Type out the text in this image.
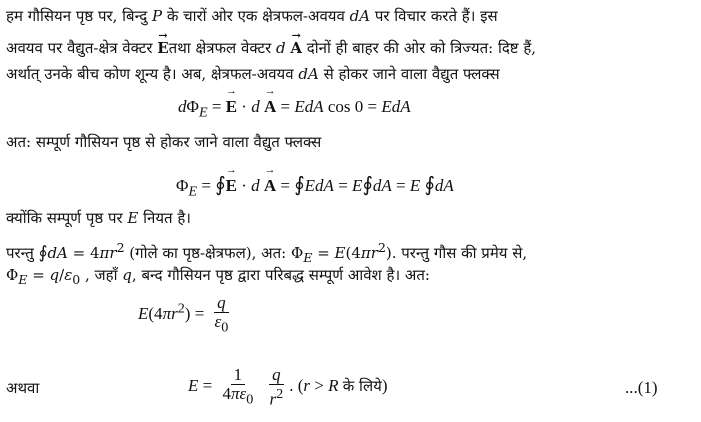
हम गौसियन पृष्ठ पर, बिन्दु P के चारों ओर एक क्षेत्रफल-अवयव dA पर विचार करते हैं। इस
अवयव पर वैद्युत-क्षेत्र वेक्टर → Eतथा क्षेत्रफल वेक्टर d → A दोनों ही बाहर की ओर को त्रिज्यत: दिष्ट हैं,
अर्थात् उनके बीच कोण शून्य है। अब, क्षेत्रफल-अवयव dA से होकर जाने वाला वैद्युत फ्लक्स
$d\Phi_E$ = → E · d → A = EdA cos 0 = EdA
अत: सम्पूर्ण गौसियन पृष्ठ से होकर जाने वाला वैद्युत फ्लक्स
$\Phi_E$ = ∮→ E · d → A = ∮EdA = E∮dA = E ∮dA
क्योंकि सम्पूर्ण पृष्ठ पर E नियत है।
परन्तु ∮dA = $4\pi r^2$ (गोले का पृष्ठ-क्षेत्रफल), अत: $\Phi_E = E(4\pi r^2)$. परन्तु गौस की प्रमेय से,
$\Phi_E = q/\varepsilon_0$ , जहाँ q, बन्द गौसियन पृष्ठ द्वारा परिबद्ध सम्पूर्ण आवेश है। अत:
$E(4\pi r^2) = \frac{q}{\varepsilon_0}$
अथवा	$E = \frac{1}{4\pi\varepsilon_0}$
$\frac{q}{r^2}$ . (r > R के लिये)	...(1)
